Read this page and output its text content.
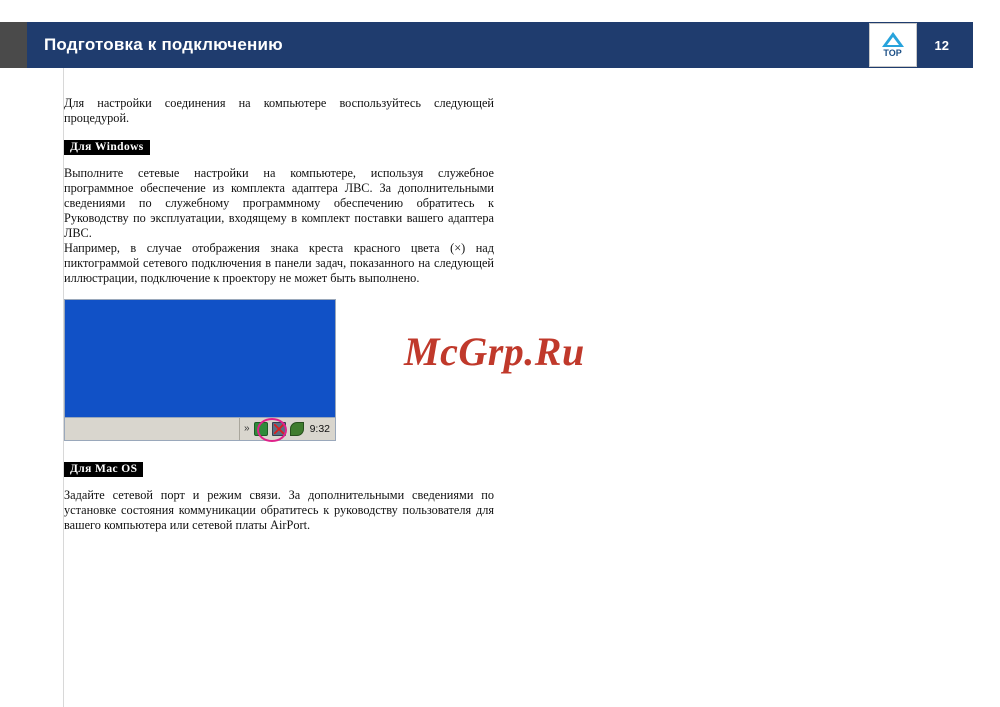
Подготовка к подключению	TOP
12

Для настройки соединения на компьютере воспользуйтесь следующей процедурой.

Для Windows

Выполните сетевые настройки на компьютере, используя служебное программное обеспечение из комплекта адаптера ЛВС. За дополнительными сведениями по служебному программному обеспечению обратитесь к Руководству по эксплуатации, входящему в комплект поставки вашего адаптера ЛВС.

Например, в случае отображения знака креста красного цвета (×) над пиктограммой сетевого подключения в панели задач, показанного на следующей иллюстрации, подключение к проектору не может быть выполнено.

»	9:32
Для Mac OS

Задайте сетевой порт и режим связи. За дополнительными сведениями по установке состояния коммуникации обратитесь к руководству пользователя для вашего компьютера или сетевой платы AirPort.

McGrp.Ru
